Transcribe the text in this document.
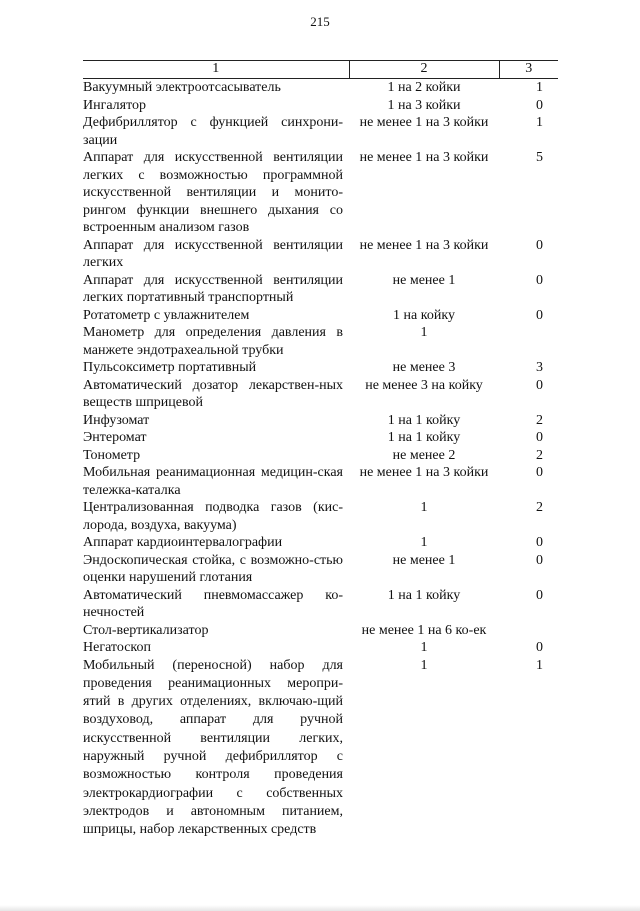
215
1	2	3
Вакуумный электроотсасыватель	1 на 2 койки	1
Ингалятор	1 на 3 койки	0
Дефибриллятор с функцией синхрони-зации	не менее 1 на 3 койки	1
Аппарат для искусственной вентиляции легких с возможностью программной искусственной вентиляции и монито-рингом функции внешнего дыхания со встроенным анализом газов	не менее 1 на 3 койки	5
Аппарат для искусственной вентиляции легких	не менее 1 на 3 койки	0
Аппарат для искусственной вентиляции легких портативный транспортный	не менее 1	0
Ротатометр с увлажнителем	1 на койку	0
Манометр для определения давления в манжете эндотрахеальной трубки	1	
Пульсоксиметр портативный	не менее 3	3
Автоматический дозатор лекарствен-ных веществ шприцевой	не менее 3 на койку	0
Инфузомат	1 на 1 койку	2
Энтеромат	1 на 1 койку	0
Тонометр	не менее 2	2
Мобильная реанимационная медицин-ская тележка-каталка	не менее 1 на 3 койки	0
Централизованная подводка газов (кис-лорода, воздуха, вакуума)	1	2
Аппарат кардиоинтервалографии	1	0
Эндоскопическая стойка, с возможно-стью оценки нарушений глотания	не менее 1	0
Автоматический пневмомассажер ко-нечностей	1 на 1 койку	0
Стол-вертикализатор	не менее 1 на 6 ко-ек	
Негатоскоп	1	0
Мобильный (переносной) набор для проведения реанимационных меропри-ятий в других отделениях, включаю-щий воздуховод, аппарат для ручной искусственной вентиляции легких, наружный ручной дефибриллятор с возможностью контроля проведения электрокардиографии с собственных электродов и автономным питанием, шприцы, набор лекарственных средств	1	1
